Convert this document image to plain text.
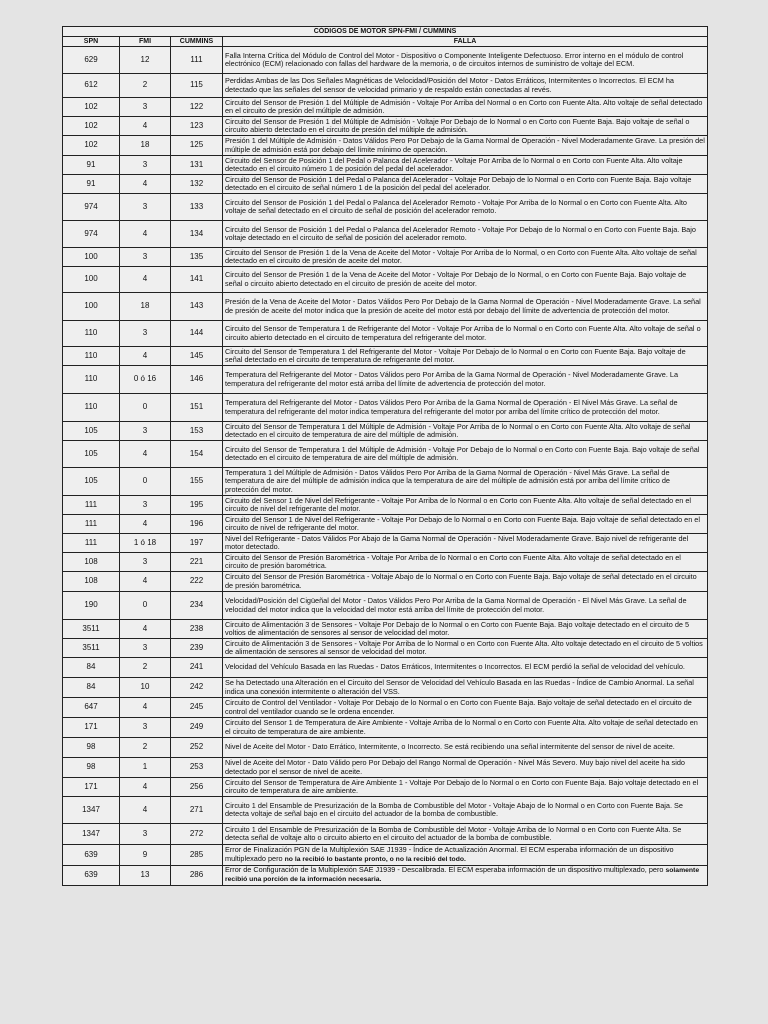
CÓDIGOS DE MOTOR SPN-FMI / CUMMINS			
SPN	FMI	CUMMINS	FALLA
629	12	111	Falla Interna Crítica del Módulo de Control del Motor - Dispositivo o Componente Inteligente Defectuoso. Error interno en el módulo de control electrónico (ECM) relacionado con fallas del hardware de la memoria, o de circuitos internos de suministro de voltaje del ECM.
612	2	115	Perdidas Ambas de las Dos Señales Magnéticas de Velocidad/Posición del Motor - Datos Erráticos, Intermitentes o Incorrectos. El ECM ha detectado que las señales del sensor de velocidad primario y de respaldo están conectadas al revés.
102	3	122	Circuito del Sensor de Presión 1 del Múltiple de Admisión - Voltaje Por Arriba del Normal o en Corto con Fuente Alta. Alto voltaje de señal detectado en el circuito de presión del múltiple de admisión.
102	4	123	Circuito del Sensor de Presión 1 del Múltiple de Admisión - Voltaje Por Debajo de lo Normal o en Corto con Fuente Baja. Bajo voltaje de señal o circuito abierto detectado en el circuito de presión del múltiple de admisión.
102	18	125	Presión 1 del Múltiple de Admisión - Datos Válidos Pero Por Debajo de la Gama Normal de Operación - Nivel Moderadamente Grave. La presión del múltiple de admisión está por debajo del límite mínimo de operación.
91	3	131	Circuito del Sensor de Posición 1 del Pedal o Palanca del Acelerador - Voltaje Por Arriba de lo Normal o en Corto con Fuente Alta. Alto voltaje detectado en el circuito número 1 de posición del pedal del acelerador.
91	4	132	Circuito del Sensor de Posición 1 del Pedal o Palanca del Acelerador - Voltaje Por Debajo de lo Normal o en Corto con Fuente Baja. Bajo voltaje detectado en el circuito de señal número 1 de la posición del pedal del acelerador.
974	3	133	Circuito del Sensor de Posición 1 del Pedal o Palanca del Acelerador Remoto - Voltaje Por Arriba de lo Normal o en Corto con Fuente Alta. Alto voltaje de señal detectado en el circuito de señal de posición del acelerador remoto.
974	4	134	Circuito del Sensor de Posición 1 del Pedal o Palanca del Acelerador Remoto - Voltaje Por Debajo de lo Normal o en Corto con Fuente Baja. Bajo voltaje detectado en el circuito de señal de posición del acelerador remoto.
100	3	135	Circuito del Sensor de Presión 1 de la Vena de Aceite del Motor - Voltaje Por Arriba de lo Normal, o en Corto con Fuente Alta. Alto voltaje de señal detectado en el circuito de presión de aceite del motor.
100	4	141	Circuito del Sensor de Presión 1 de la Vena de Aceite del Motor - Voltaje Por Debajo de lo Normal, o en Corto con Fuente Baja. Bajo voltaje de señal o circuito abierto detectado en el circuito de presión de aceite del motor.
100	18	143	Presión de la Vena de Aceite del Motor - Datos Válidos Pero Por Debajo de la Gama Normal de Operación - Nivel Moderadamente Grave. La señal de presión de aceite del motor indica que la presión de aceite del motor está por debajo del límite de advertencia de protección del motor.
110	3	144	Circuito del Sensor de Temperatura 1 de Refrigerante del Motor - Voltaje Por Arriba de lo Normal o en Corto con Fuente Alta. Alto voltaje de señal o circuito abierto detectado en el circuito de temperatura del refrigerante del motor.
110	4	145	Circuito del Sensor de Temperatura 1 del Refrigerante del Motor - Voltaje Por Debajo de lo Normal o en Corto con Fuente Baja. Bajo voltaje de señal detectado en el circuito de temperatura de refrigerante del motor.
110	0 ó 16	146	Temperatura del Refrigerante del Motor - Datos Válidos pero Por Arriba de la Gama Normal de Operación - Nivel Moderadamente Grave. La temperatura del refrigerante del motor está arriba del límite de advertencia de protección del motor.
110	0	151	Temperatura del Refrigerante del Motor - Datos Válidos Pero Por Arriba de la Gama Normal de Operación - El Nivel Más Grave. La señal de temperatura del refrigerante del motor indica temperatura del refrigerante del motor por arriba del límite crítico de protección del motor.
105	3	153	Circuito del Sensor de Temperatura 1 del Múltiple de Admisión - Voltaje Por Arriba de lo Normal o en Corto con Fuente Alta. Alto voltaje de señal detectado en el circuito de temperatura de aire del múltiple de admisión.
105	4	154	Circuito del Sensor de Temperatura 1 del Múltiple de Admisión - Voltaje Por Debajo de lo Normal o en Corto con Fuente Baja. Bajo voltaje de señal detectado en el circuito de temperatura de aire del múltiple de admisión.
105	0	155	Temperatura 1 del Múltiple de Admisión - Datos Válidos Pero Por Arriba de la Gama Normal de Operación - Nivel Más Grave. La señal de temperatura de aire del múltiple de admisión indica que la temperatura de aire del múltiple de admisión está por arriba del límite crítico de protección del motor.
111	3	195	Circuito del Sensor 1 de Nivel del Refrigerante - Voltaje Por Arriba de lo Normal o en Corto con Fuente Alta. Alto voltaje de señal detectado en el circuito de nivel del refrigerante del motor.
111	4	196	Circuito del Sensor 1 de Nivel del Refrigerante - Voltaje Por Debajo de lo Normal o en Corto con Fuente Baja. Bajo voltaje de señal detectado en el circuito de nivel de refrigerante del motor.
111	1 ó 18	197	Nivel del Refrigerante - Datos Válidos Por Abajo de la Gama Normal de Operación - Nivel Moderadamente Grave. Bajo nivel de refrigerante del motor detectado.
108	3	221	Circuito del Sensor de Presión Barométrica - Voltaje Por Arriba de lo Normal o en Corto con Fuente Alta. Alto voltaje de señal detectado en el circuito de presión barométrica.
108	4	222	Circuito del Sensor de Presión Barométrica - Voltaje Abajo de lo Normal o en Corto con Fuente Baja. Bajo voltaje de señal detectado en el circuito de presión barométrica.
190	0	234	Velocidad/Posición del Cigüeñal del Motor - Datos Válidos Pero Por Arriba de la Gama Normal de Operación - El Nivel Más Grave. La señal de velocidad del motor indica que la velocidad del motor está arriba del límite de protección del motor.
3511	4	238	Circuito de Alimentación 3 de Sensores - Voltaje Por Debajo de lo Normal o en Corto con Fuente Baja. Bajo voltaje detectado en el circuito de 5 voltios de alimentación de sensores al sensor de velocidad del motor.
3511	3	239	Circuito de Alimentación 3 de Sensores - Voltaje Por Arriba de lo Normal o en Corto con Fuente Alta. Alto voltaje detectado en el circuito de 5 voltios de alimentación de sensores al sensor de velocidad del motor.
84	2	241	Velocidad del Vehículo Basada en las Ruedas - Datos Erráticos, Intermitentes o Incorrectos. El ECM perdió la señal de velocidad del vehículo.
84	10	242	Se ha Detectado una Alteración en el Circuito del Sensor de Velocidad del Vehículo Basada en las Ruedas - Índice de Cambio Anormal. La señal indica una conexión intermitente o alteración del VSS.
647	4	245	Circuito de Control del Ventilador - Voltaje Por Debajo de lo Normal o en Corto con Fuente Baja. Bajo voltaje de señal detectado en el circuito de control del ventilador cuando se le ordena encender.
171	3	249	Circuito del Sensor 1 de Temperatura de Aire Ambiente - Voltaje Arriba de lo Normal o en Corto con Fuente Alta. Alto voltaje de señal detectado en el circuito de temperatura de aire ambiente.
98	2	252	Nivel de Aceite del Motor - Dato Errático, Intermitente, o Incorrecto. Se está recibiendo una señal intermitente del sensor de nivel de aceite.
98	1	253	Nivel de Aceite del Motor - Dato Válido pero Por Debajo del Rango Normal de Operación - Nivel Más Severo. Muy bajo nivel del aceite ha sido detectado por el sensor de nivel de aceite.
171	4	256	Circuito del Sensor de Temperatura de Aire Ambiente 1 - Voltaje Por Debajo de lo Normal o en Corto con Fuente Baja. Bajo voltaje detectado en el circuito de temperatura de aire ambiente.
1347	4	271	Circuito 1 del Ensamble de Presurización de la Bomba de Combustible del Motor - Voltaje Abajo de lo Normal o en Corto con Fuente Baja. Se detecta voltaje de señal bajo en el circuito del actuador de la bomba de combustible.
1347	3	272	Circuito 1 del Ensamble de Presurización de la Bomba de Combustible del Motor - Voltaje Arriba de lo Normal o en Corto con Fuente Alta. Se detecta señal de voltaje alto o circuito abierto en el circuito del actuador de la bomba de combustible.
639	9	285	Error de Finalización PGN de la Multiplexión SAE J1939 - Índice de Actualización Anormal. El ECM esperaba información de un dispositivo multiplexado pero no la recibió lo bastante pronto, o no la recibió del todo.
639	13	286	Error de Configuración de la Multiplexión SAE J1939 - Descalibrada. El ECM esperaba información de un dispositivo multiplexado, pero solamente recibió una porción de la información necesaria.
